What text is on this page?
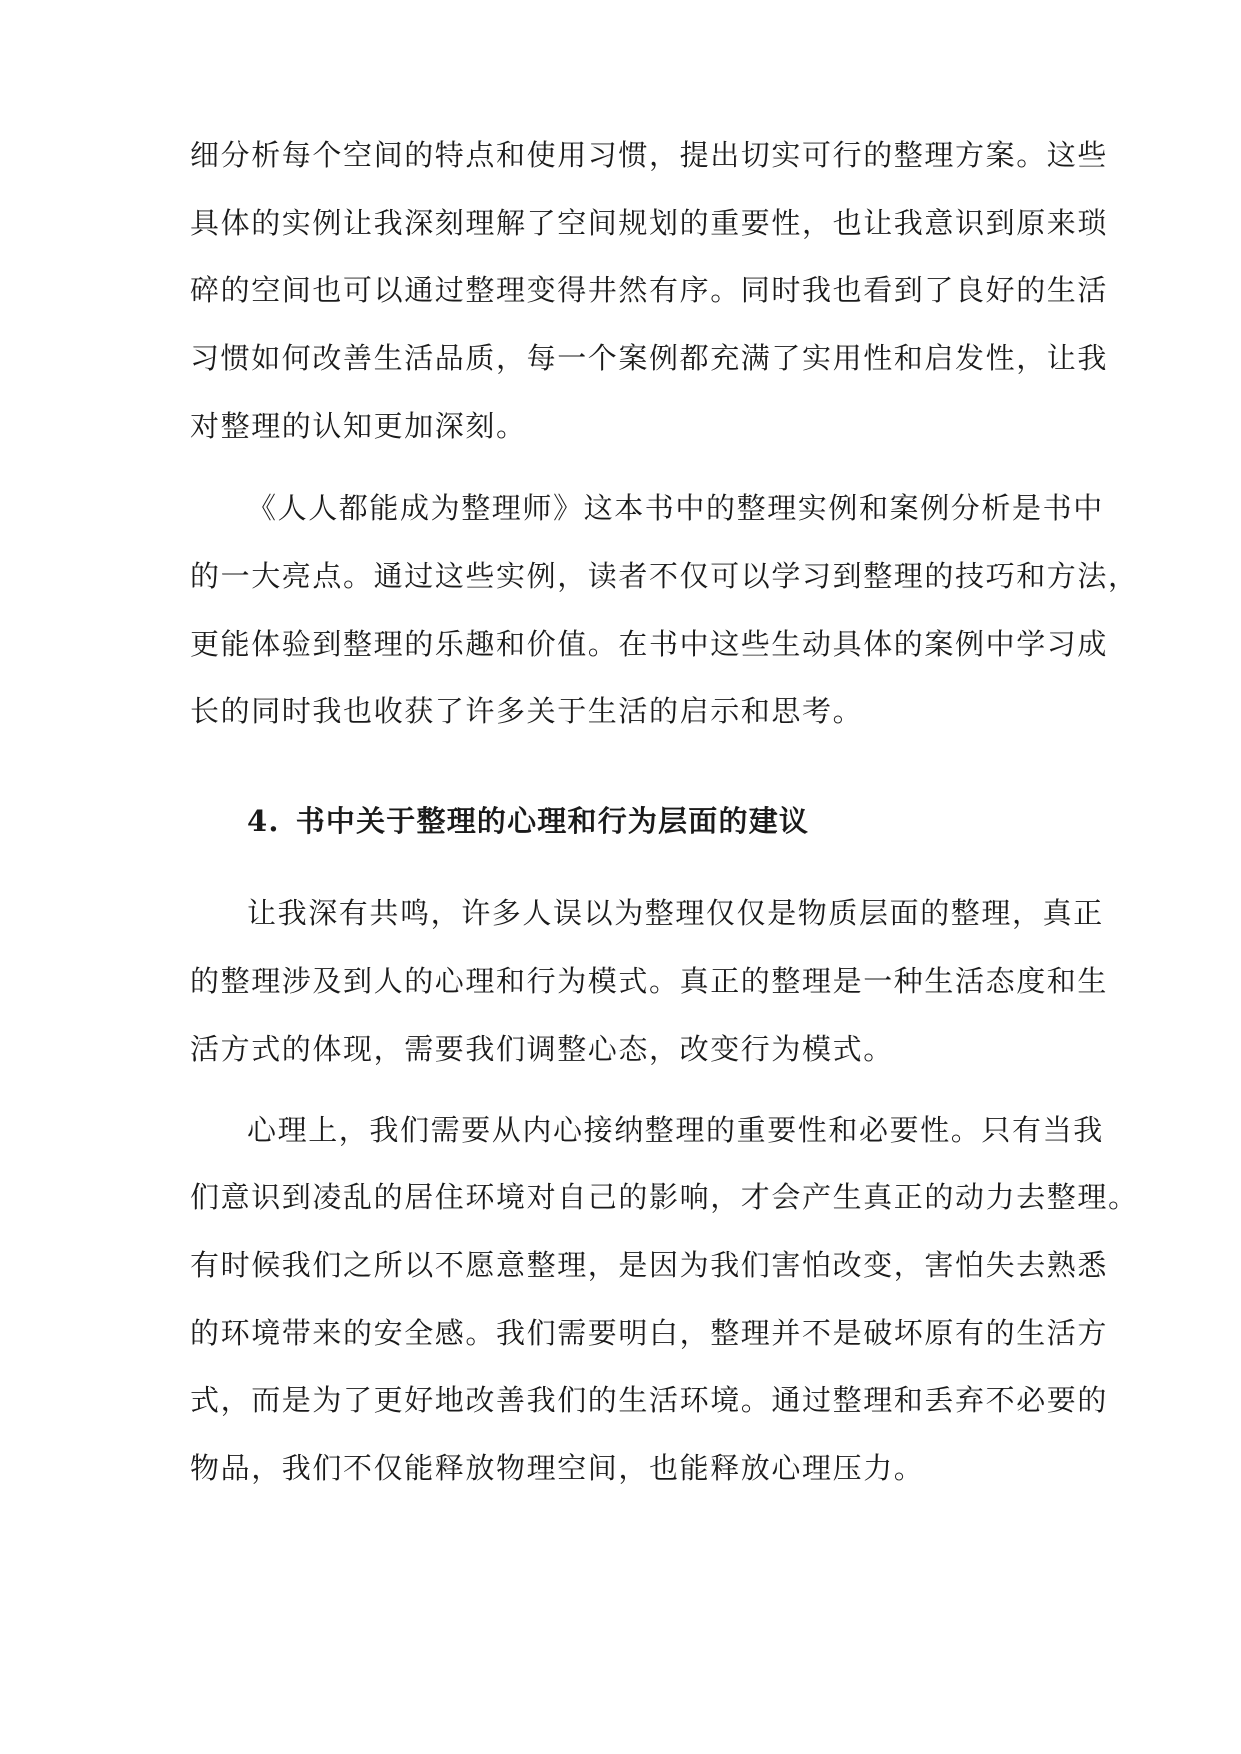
细分析每个空间的特点和使用习惯，提出切实可行的整理方案。这些
具体的实例让我深刻理解了空间规划的重要性，也让我意识到原来琐
碎的空间也可以通过整理变得井然有序。同时我也看到了良好的生活
习惯如何改善生活品质，每一个案例都充满了实用性和启发性，让我
对整理的认知更加深刻。
《人人都能成为整理师》这本书中的整理实例和案例分析是书中
的一大亮点。通过这些实例，读者不仅可以学习到整理的技巧和方法，
更能体验到整理的乐趣和价值。在书中这些生动具体的案例中学习成
长的同时我也收获了许多关于生活的启示和思考。
4. 书中关于整理的心理和行为层面的建议
让我深有共鸣，许多人误以为整理仅仅是物质层面的整理，真正
的整理涉及到人的心理和行为模式。真正的整理是一种生活态度和生
活方式的体现，需要我们调整心态，改变行为模式。
心理上，我们需要从内心接纳整理的重要性和必要性。只有当我
们意识到凌乱的居住环境对自己的影响，才会产生真正的动力去整理。
有时候我们之所以不愿意整理，是因为我们害怕改变，害怕失去熟悉
的环境带来的安全感。我们需要明白，整理并不是破坏原有的生活方
式，而是为了更好地改善我们的生活环境。通过整理和丢弃不必要的
物品，我们不仅能释放物理空间，也能释放心理压力。
